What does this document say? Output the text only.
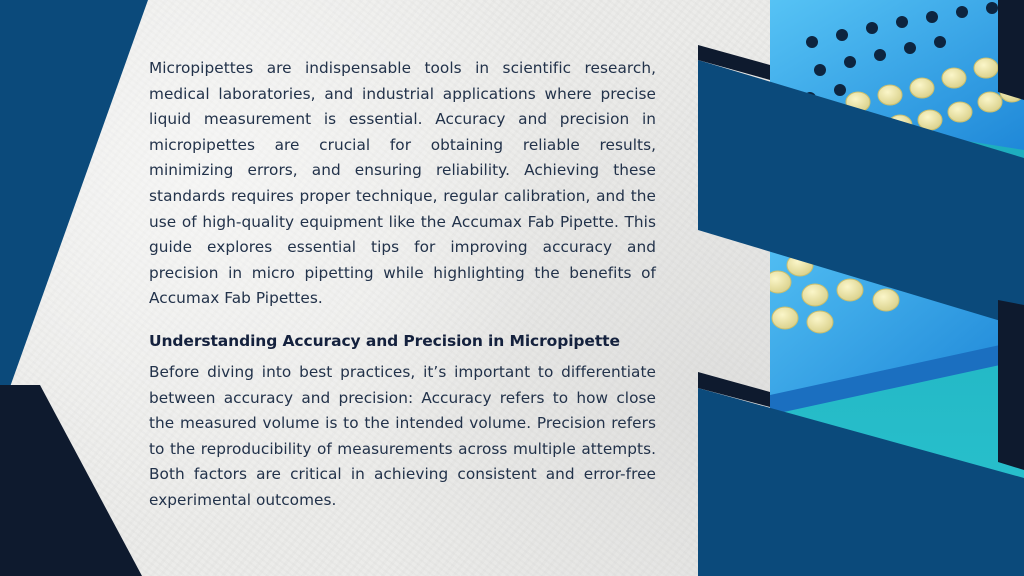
Micropipettes are indispensable tools in scientific research, medical laboratories, and industrial applications where precise liquid measurement is essential. Accuracy and precision in micropipettes are crucial for obtaining reliable results, minimizing errors, and ensuring reliability. Achieving these standards requires proper technique, regular calibration, and the use of high-quality equipment like the Accumax Fab Pipette. This guide explores essential tips for improving accuracy and precision in micro pipetting while highlighting the benefits of Accumax Fab Pipettes.

Understanding Accuracy and Precision in Micropipette

Before diving into best practices, it’s important to differentiate between accuracy and precision: Accuracy refers to how close the measured volume is to the intended volume. Precision refers to the reproducibility of measurements across multiple attempts. Both factors are critical in achieving consistent and error-free experimental outcomes.
